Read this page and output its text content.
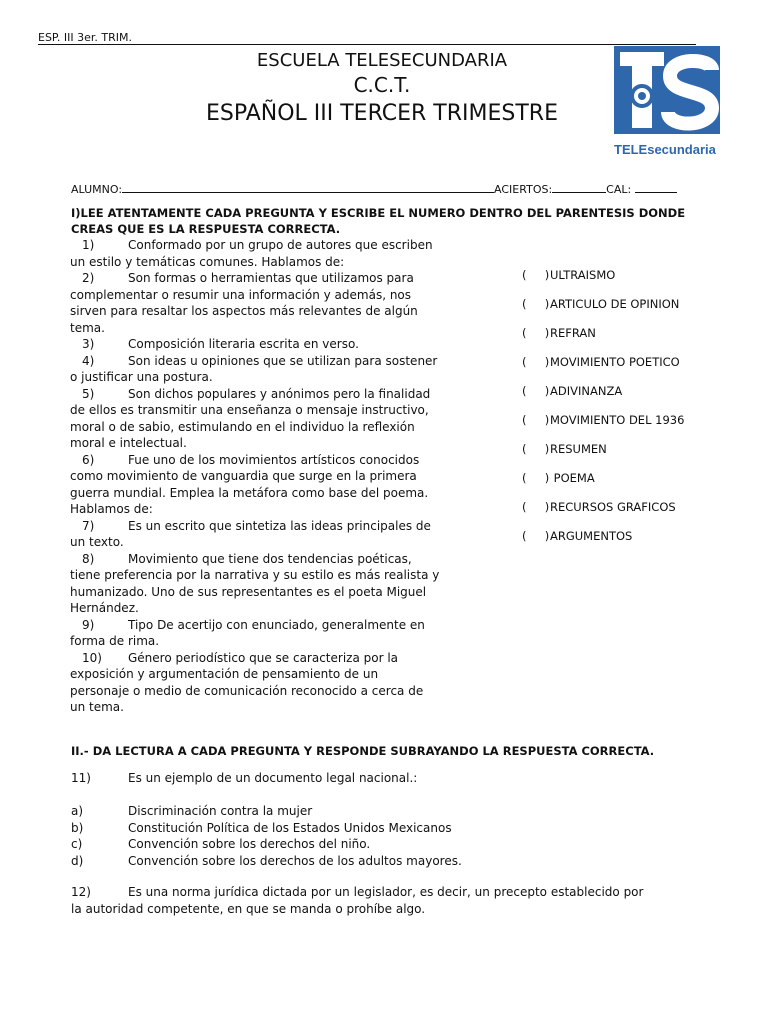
ESP. III 3er. TRIM.
ESCUELA TELESECUNDARIA
C.C.T.
ESPAÑOL III TERCER TRIMESTRE
TELEsecundaria
ALUMNO:	ACIERTOS:	CAL:
I)LEE ATENTAMENTE CADA PREGUNTA Y ESCRIBE EL NUMERO DENTRO DEL PARENTESIS DONDE CREAS QUE ES LA RESPUESTA CORRECTA.

1)	Conformado por un grupo de autores que escriben un estilo y temáticas comunes. Hablamos de:

2)	Son formas o herramientas que utilizamos para complementar o resumir una información y además, nos sirven para resaltar los aspectos más relevantes de algún tema.

3)	Composición literaria escrita en verso.

4)	Son ideas u opiniones que se utilizan para sostener o justificar una postura.

5)	Son dichos populares y anónimos pero la finalidad de ellos es transmitir una enseñanza o mensaje instructivo, moral o de sabio, estimulando en el individuo la reflexión moral e intelectual.

6)	Fue uno de los movimientos artísticos conocidos como movimiento de vanguardia que surge en la primera guerra mundial. Emplea la metáfora como base del poema. Hablamos de:

7)	Es un escrito que sintetiza las ideas principales de un texto.

8)	Movimiento que tiene dos tendencias poéticas, tiene preferencia por la narrativa y su estilo es más realista y humanizado. Uno de sus representantes es el poeta Miguel Hernández.

9)	Tipo De acertijo con enunciado, generalmente en forma de rima.

10) Género periodístico que se caracteriza por la exposición y argumentación de pensamiento de un personaje o medio de comunicación reconocido a cerca de un tema.

(     )ULTRAISMO
(     )ARTICULO DE OPINION
(     )REFRAN
(     )MOVIMIENTO POETICO
(     )ADIVINANZA
(     )MOVIMIENTO DEL 1936
(     )RESUMEN
(     ) POEMA
(     )RECURSOS GRAFICOS
(     )ARGUMENTOS
II.- DA LECTURA A CADA PREGUNTA Y RESPONDE SUBRAYANDO LA RESPUESTA CORRECTA.
11)	Es un ejemplo de un documento legal nacional.:
a)	Discriminación contra la mujer
b)	Constitución Política de los Estados Unidos Mexicanos
c)	Convención sobre los derechos del niño.
d)	Convención sobre los derechos de los adultos mayores.
12)	Es una norma jurídica dictada por un legislador, es decir, un precepto establecido por la autoridad competente, en que se manda o prohíbe algo.
